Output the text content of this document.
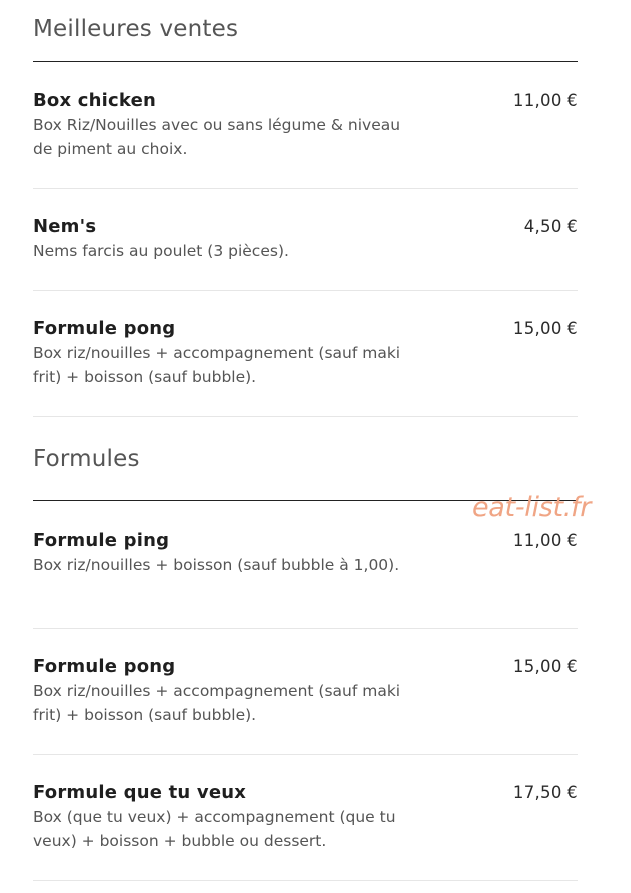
Meilleures ventes
Box chicken
Box Riz/Nouilles avec ou sans légume & niveau de piment au choix.
11,00 €
Nem's
Nems farcis au poulet (3 pièces).
4,50 €
Formule pong
Box riz/nouilles + accompagnement (sauf maki frit) + boisson (sauf bubble).
15,00 €
Formules
Formule ping
Box riz/nouilles + boisson (sauf bubble à 1,00).
11,00 €
Formule pong
Box riz/nouilles + accompagnement (sauf maki frit) + boisson (sauf bubble).
15,00 €
Formule que tu veux
Box (que tu veux) + accompagnement (que tu veux) + boisson + bubble ou dessert.
17,50 €
eat-list.fr
